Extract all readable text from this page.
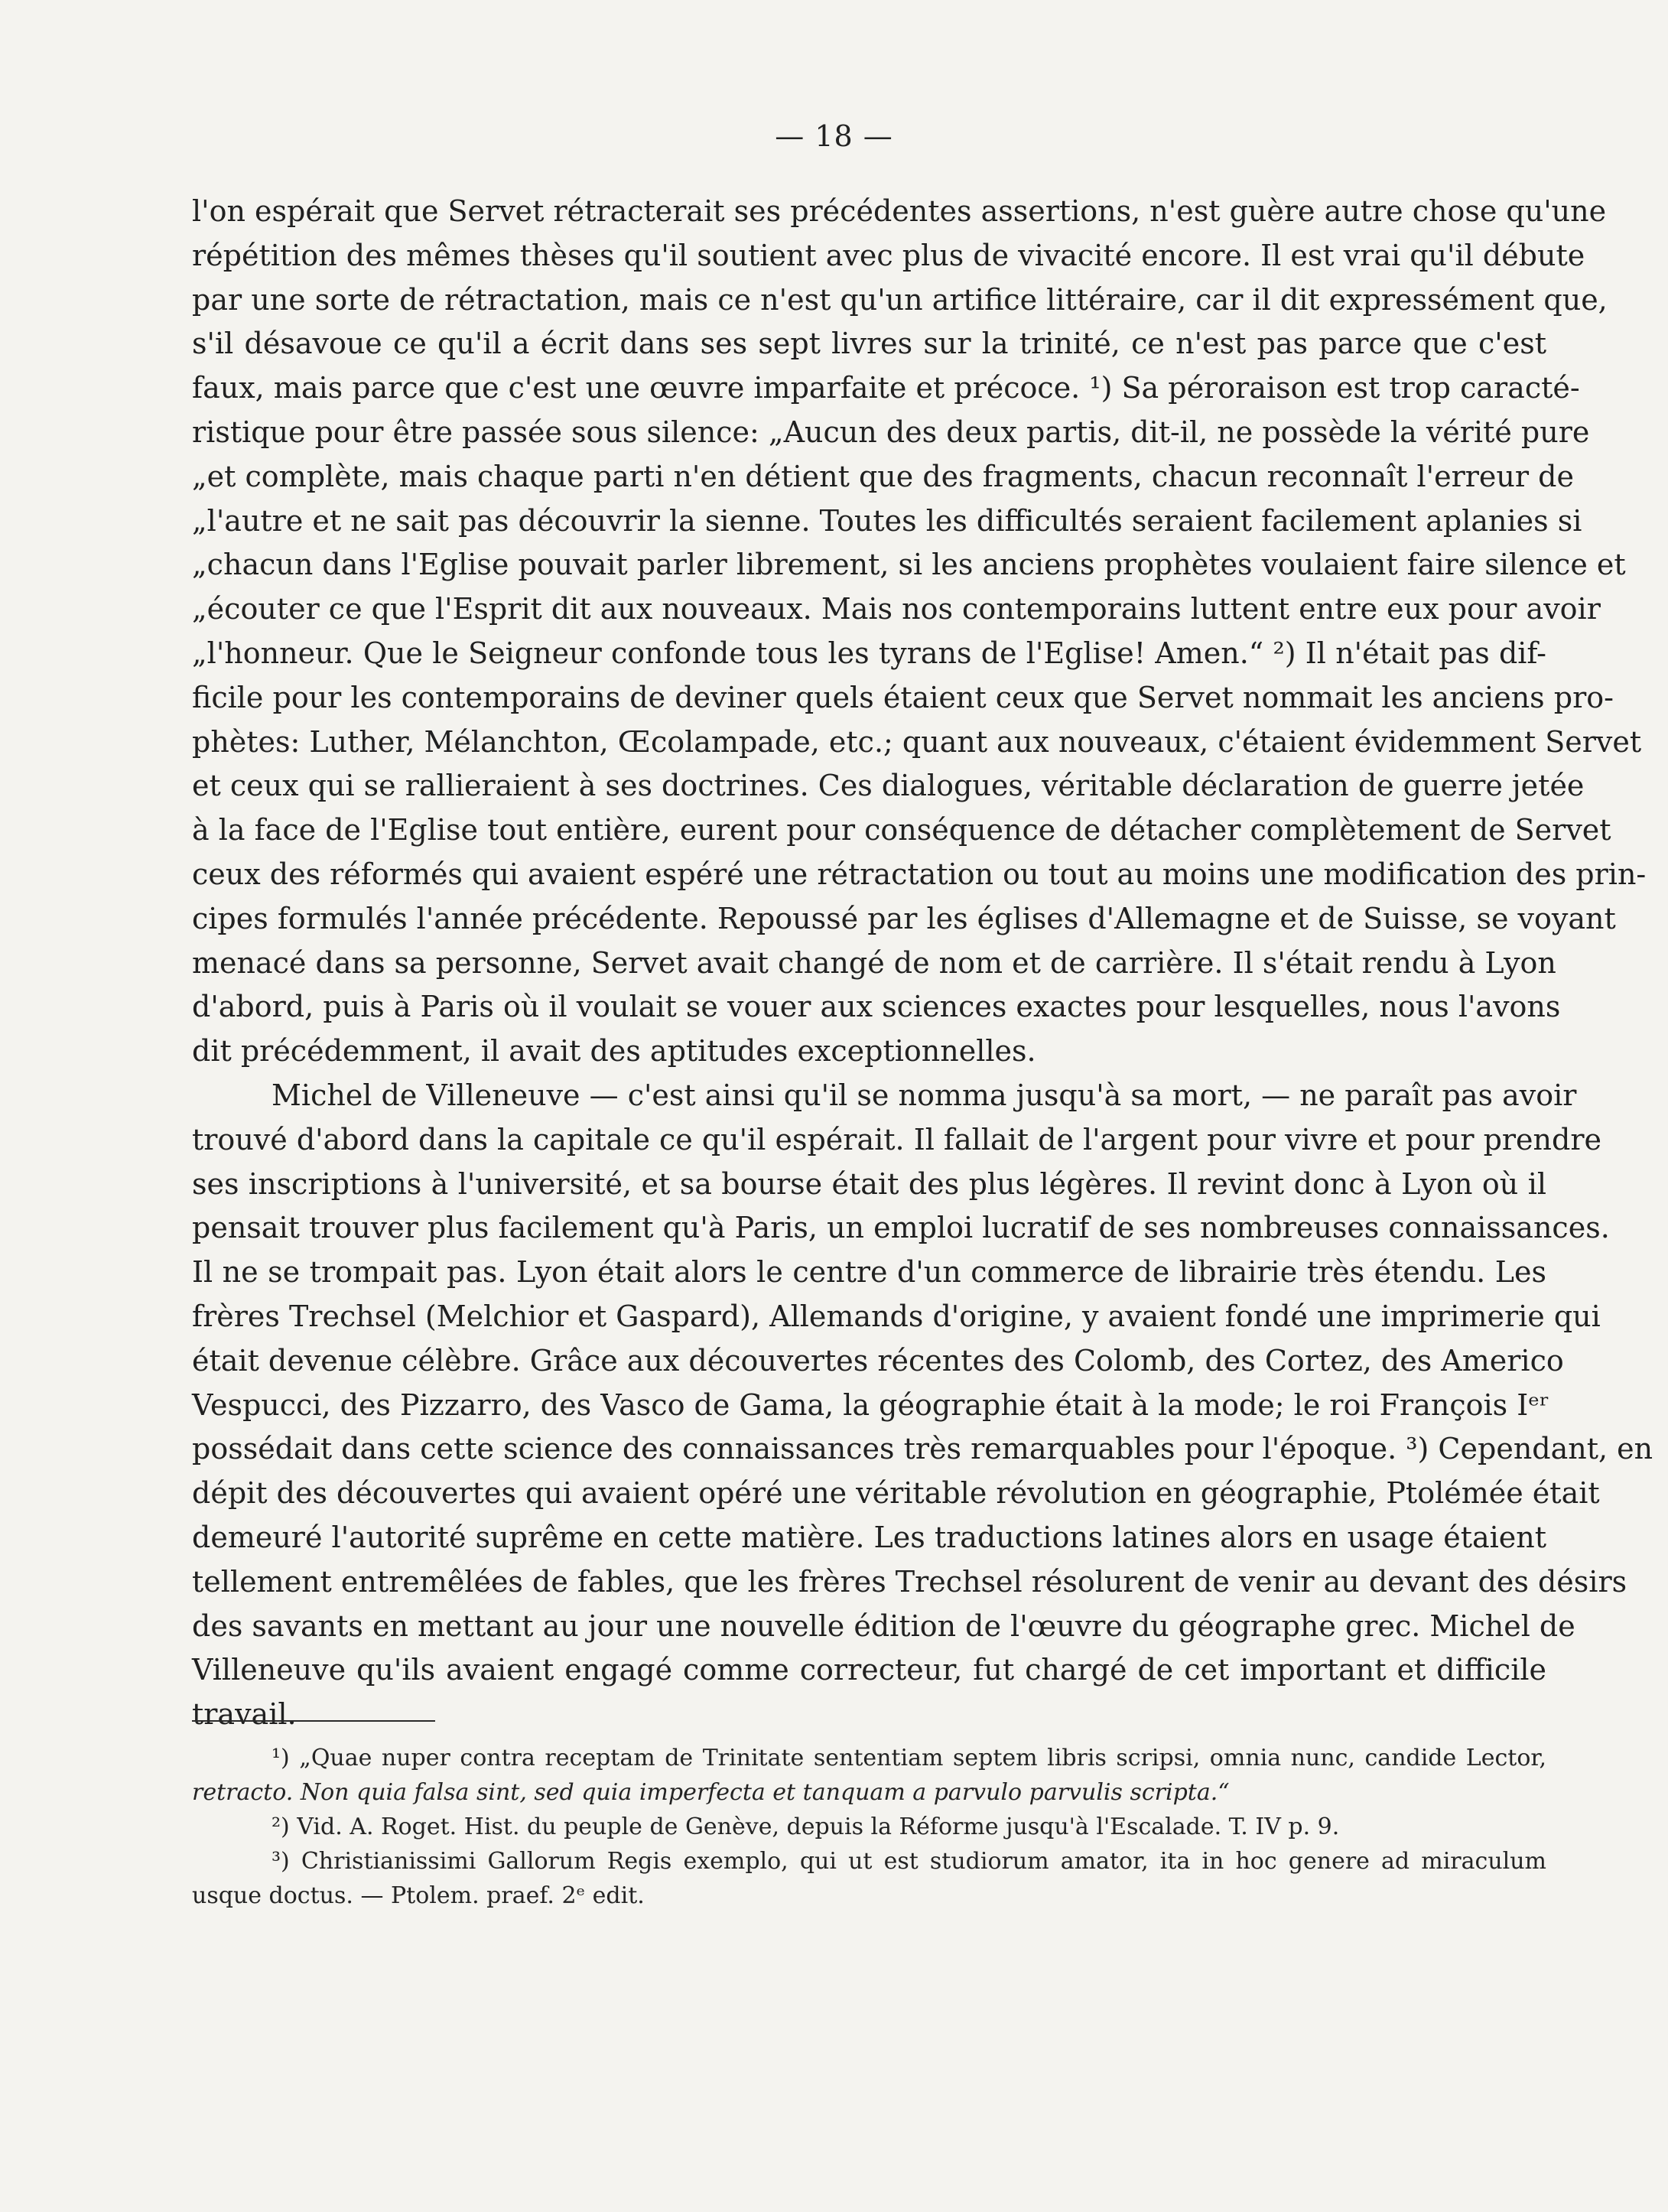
— 18 —
l'on espérait que Servet rétracterait ses précédentes assertions, n'est guère autre chose qu'une
répétition des mêmes thèses qu'il soutient avec plus de vivacité encore. Il est vrai qu'il débute
par une sorte de rétractation, mais ce n'est qu'un artifice littéraire, car il dit expressément que,
s'il désavoue ce qu'il a écrit dans ses sept livres sur la trinité, ce n'est pas parce que c'est
faux, mais parce que c'est une œuvre imparfaite et précoce. ¹) Sa péroraison est trop caracté-
ristique pour être passée sous silence: „Aucun des deux partis, dit-il, ne possède la vérité pure
„et complète, mais chaque parti n'en détient que des fragments, chacun reconnaît l'erreur de
„l'autre et ne sait pas découvrir la sienne. Toutes les difficultés seraient facilement aplanies si
„chacun dans l'Eglise pouvait parler librement, si les anciens prophètes voulaient faire silence et
„écouter ce que l'Esprit dit aux nouveaux. Mais nos contemporains luttent entre eux pour avoir
„l'honneur. Que le Seigneur confonde tous les tyrans de l'Eglise! Amen.“ ²) Il n'était pas dif-
ficile pour les contemporains de deviner quels étaient ceux que Servet nommait les anciens pro-
phètes: Luther, Mélanchton, Œcolampade, etc.; quant aux nouveaux, c'étaient évidemment Servet
et ceux qui se rallieraient à ses doctrines. Ces dialogues, véritable déclaration de guerre jetée
à la face de l'Eglise tout entière, eurent pour conséquence de détacher complètement de Servet
ceux des réformés qui avaient espéré une rétractation ou tout au moins une modification des prin-
cipes formulés l'année précédente. Repoussé par les églises d'Allemagne et de Suisse, se voyant
menacé dans sa personne, Servet avait changé de nom et de carrière. Il s'était rendu à Lyon
d'abord, puis à Paris où il voulait se vouer aux sciences exactes pour lesquelles, nous l'avons
dit précédemment, il avait des aptitudes exceptionnelles.
Michel de Villeneuve — c'est ainsi qu'il se nomma jusqu'à sa mort, — ne paraît pas avoir
trouvé d'abord dans la capitale ce qu'il espérait. Il fallait de l'argent pour vivre et pour prendre
ses inscriptions à l'université, et sa bourse était des plus légères. Il revint donc à Lyon où il
pensait trouver plus facilement qu'à Paris, un emploi lucratif de ses nombreuses connaissances.
Il ne se trompait pas. Lyon était alors le centre d'un commerce de librairie très étendu. Les
frères Trechsel (Melchior et Gaspard), Allemands d'origine, y avaient fondé une imprimerie qui
était devenue célèbre. Grâce aux découvertes récentes des Colomb, des Cortez, des Americo
Vespucci, des Pizzarro, des Vasco de Gama, la géographie était à la mode; le roi François Iᵉʳ
possédait dans cette science des connaissances très remarquables pour l'époque. ³) Cependant, en
dépit des découvertes qui avaient opéré une véritable révolution en géographie, Ptolémée était
demeuré l'autorité suprême en cette matière. Les traductions latines alors en usage étaient
tellement entremêlées de fables, que les frères Trechsel résolurent de venir au devant des désirs
des savants en mettant au jour une nouvelle édition de l'œuvre du géographe grec. Michel de
Villeneuve qu'ils avaient engagé comme correcteur, fut chargé de cet important et difficile
travail.
¹) „Quae nuper contra receptam de Trinitate sententiam septem libris scripsi, omnia nunc, candide Lector,
retracto. Non quia falsa sint, sed quia imperfecta et tanquam a parvulo parvulis scripta.“
²) Vid. A. Roget. Hist. du peuple de Genève, depuis la Réforme jusqu'à l'Escalade. T. IV p. 9.
³) Christianissimi Gallorum Regis exemplo, qui ut est studiorum amator, ita in hoc genere ad miraculum
usque doctus. — Ptolem. praef. 2ᵉ edit.
